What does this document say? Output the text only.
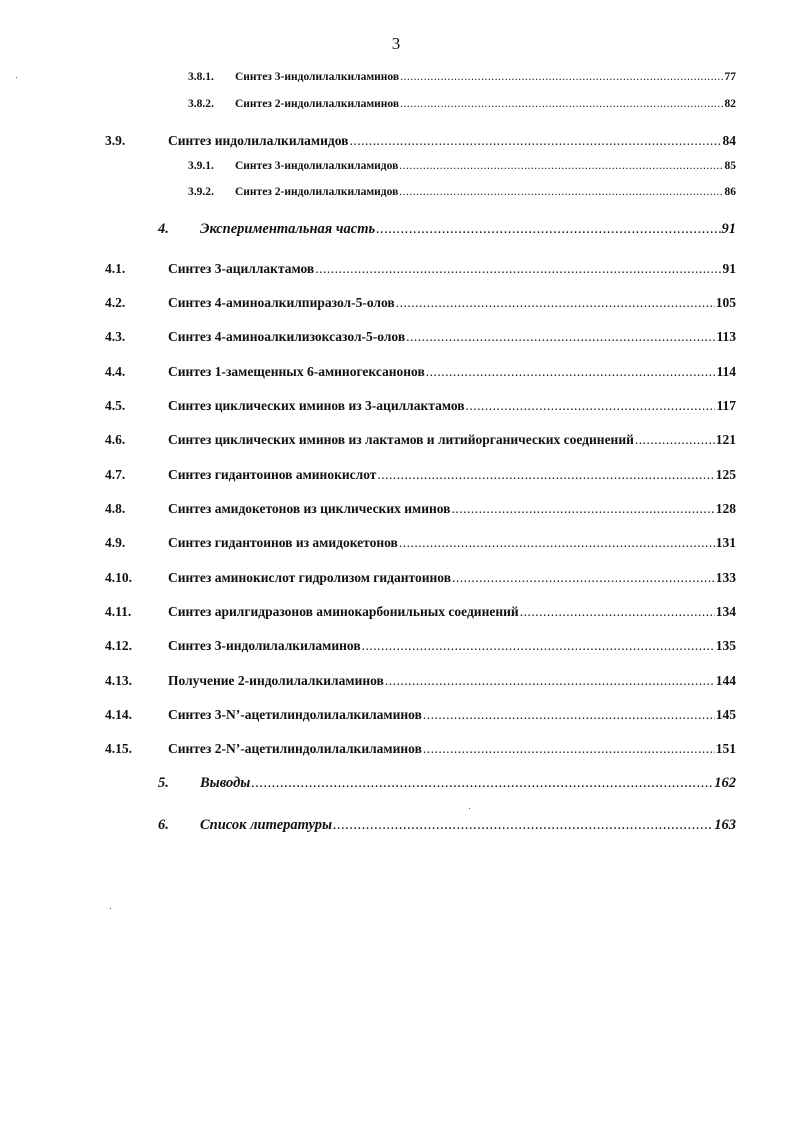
3
3.8.1. Синтез 3-индолилалкиламинов .....	77
3.8.2. Синтез 2-индолилалкиламинов .....	82
3.9.	Синтез индолилалкиламидов .....	84
3.9.1. Синтез 3-индолилалкиламидов .....	85
3.9.2. Синтез 2-индолилалкиламидов .....	86
4. Экспериментальная часть .....	91
4.1.	Синтез 3-ациллактамов .....	91
4.2.	Синтез 4-аминоалкилпиразол-5-олов .....	105
4.3.	Синтез 4-аминоалкилизоксазол-5-олов .....	113
4.4.	Синтез 1-замещенных 6-аминогексанонов .....	114
4.5.	Синтез циклических иминов из 3-ациллактамов .....	117
4.6.	Синтез циклических иминов из лактамов и литийорганических соединений .....	121
4.7.	Синтез гидантоинов аминокислот .....	125
4.8.	Синтез амидокетонов из циклических иминов .....	128
4.9.	Синтез гидантоинов из амидокетонов .....	131
4.10.	Синтез аминокислот гидролизом гидантоинов .....	133
4.11.	Синтез арилгидразонов аминокарбонильных соединений .....	134
4.12.	Синтез 3-индолилалкиламинов .....	135
4.13.	Получение 2-индолилалкиламинов .....	144
4.14.	Синтез 3-N’-ацетилиндолилалкиламинов .....	145
4.15.	Синтез 2-N’-ацетилиндолилалкиламинов .....	151
5. Выводы .....	162
6. Список литературы .....	163
